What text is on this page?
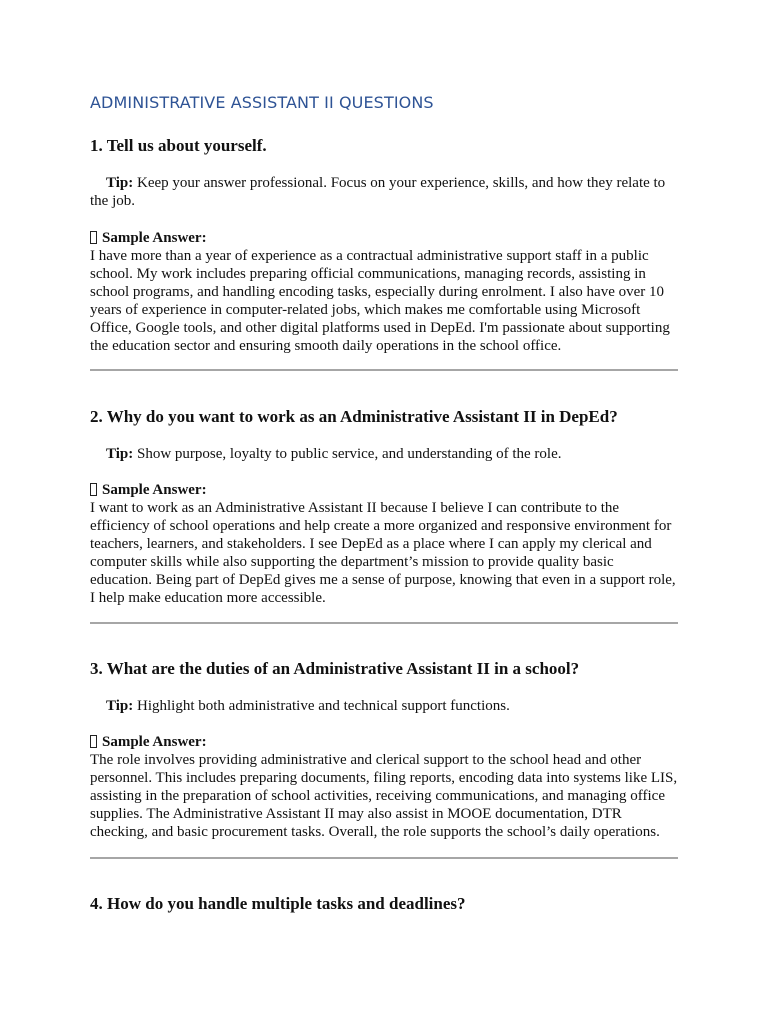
ADMINISTRATIVE ASSISTANT II QUESTIONS

1. Tell us about yourself.

Tip: Keep your answer professional. Focus on your experience, skills, and how they relate to the job.

Sample Answer:

I have more than a year of experience as a contractual administrative support staff in a public school. My work includes preparing official communications, managing records, assisting in school programs, and handling encoding tasks, especially during enrolment. I also have over 10 years of experience in computer-related jobs, which makes me comfortable using Microsoft Office, Google tools, and other digital platforms used in DepEd. I'm passionate about supporting the education sector and ensuring smooth daily operations in the school office.

2. Why do you want to work as an Administrative Assistant II in DepEd?

Tip: Show purpose, loyalty to public service, and understanding of the role.

Sample Answer:

I want to work as an Administrative Assistant II because I believe I can contribute to the efficiency of school operations and help create a more organized and responsive environment for teachers, learners, and stakeholders. I see DepEd as a place where I can apply my clerical and computer skills while also supporting the department’s mission to provide quality basic education. Being part of DepEd gives me a sense of purpose, knowing that even in a support role, I help make education more accessible.

3. What are the duties of an Administrative Assistant II in a school?

Tip: Highlight both administrative and technical support functions.

Sample Answer:

The role involves providing administrative and clerical support to the school head and other personnel. This includes preparing documents, filing reports, encoding data into systems like LIS, assisting in the preparation of school activities, receiving communications, and managing office supplies. The Administrative Assistant II may also assist in MOOE documentation, DTR checking, and basic procurement tasks. Overall, the role supports the school’s daily operations.

4. How do you handle multiple tasks and deadlines?
